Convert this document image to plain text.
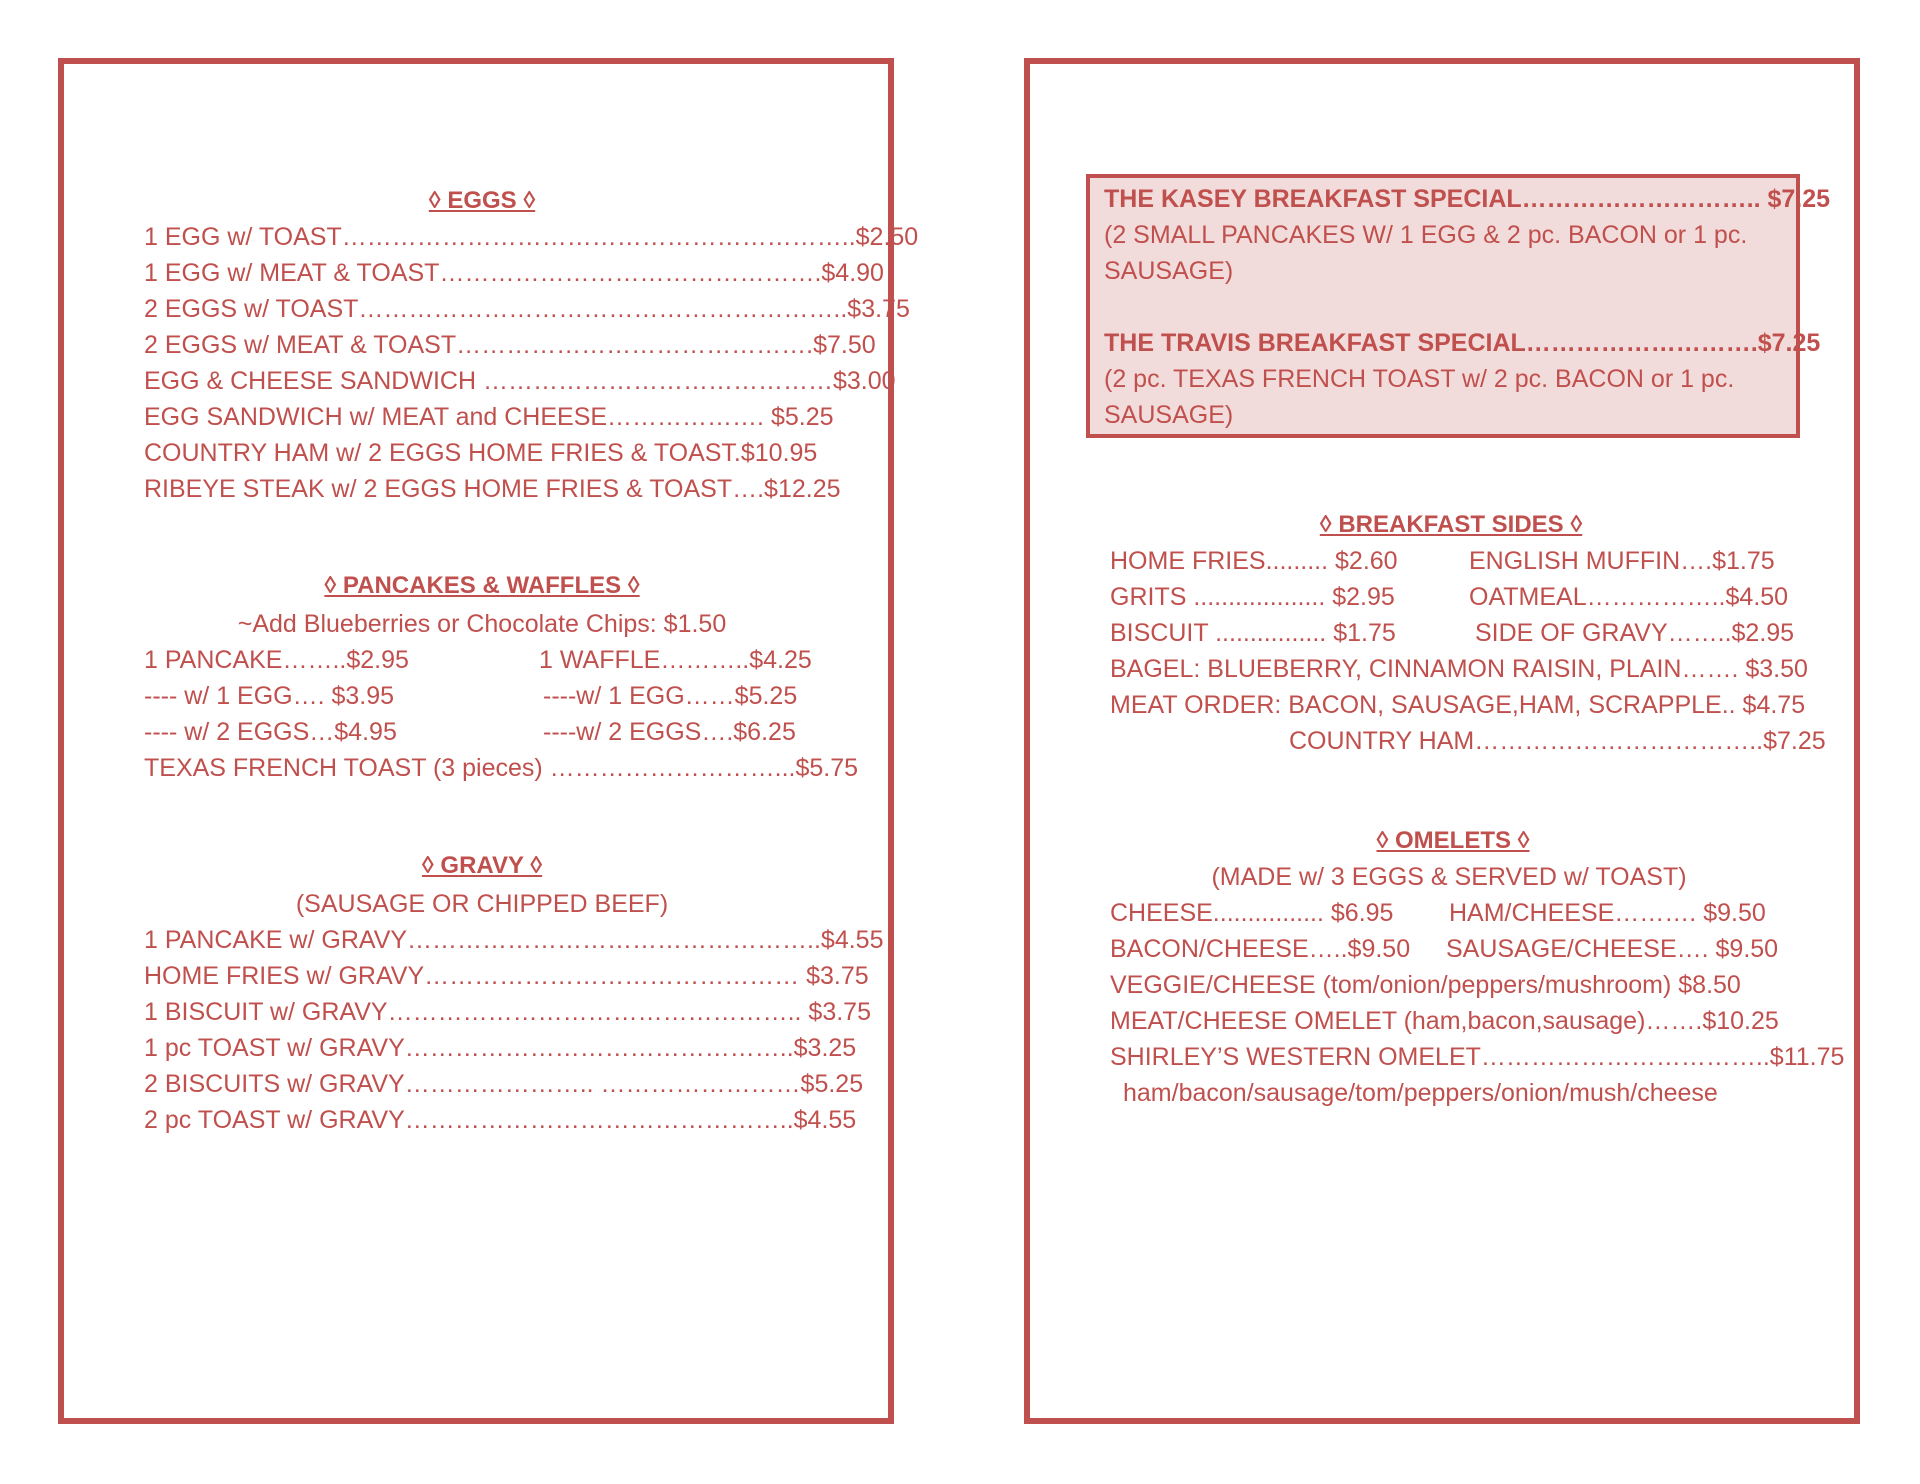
1 EGG w/ TOAST……………………………………………………..$2.50
1 EGG w/ MEAT & TOAST……………………………………….$4.90
2 EGGS w/ TOAST…………………………………………………..$3.75
2 EGGS w/ MEAT & TOAST…………………………………….$7.50
EGG & CHEESE SANDWICH ……………………………………$3.00
EGG SANDWICH w/ MEAT and CHEESE………………. $5.25
COUNTRY HAM w/ 2 EGGS HOME FRIES & TOAST.$10.95
RIBEYE STEAK w/ 2 EGGS HOME FRIES & TOAST….$12.25
1 PANCAKE……..$2.95	1 WAFFLE………..$4.25
---- w/ 1 EGG…. $3.95	----w/ 1 EGG……$5.25
---- w/ 2 EGGS…$4.95	----w/ 2 EGGS….$6.25
TEXAS FRENCH TOAST (3 pieces) ………………………...$5.75
1 PANCAKE w/ GRAVY…………………………………………..$4.55
HOME FRIES w/ GRAVY……………………………………… $3.75
1 BISCUIT w/ GRAVY………………………………………….. $3.75
1 pc TOAST w/ GRAVY………………………………………..$3.25
2 BISCUITS w/ GRAVY………………….. ……………………$5.25
2 pc TOAST w/ GRAVY………………………………………..$4.55
THE KASEY BREAKFAST SPECIAL……………………….. $7.25
(2 SMALL PANCAKES W/ 1 EGG & 2 pc. BACON or 1 pc.
SAUSAGE)
THE TRAVIS BREAKFAST SPECIAL……………………….$7.25
(2 pc. TEXAS FRENCH TOAST w/ 2 pc. BACON or 1 pc.
SAUSAGE)
HOME FRIES......... $2.60	ENGLISH MUFFIN….$1.75
GRITS ................... $2.95	OATMEAL……………..$4.50
BISCUIT ................ $1.75	SIDE OF GRAVY……..$2.95
BAGEL: BLUEBERRY, CINNAMON RAISIN, PLAIN……. $3.50
MEAT ORDER: BACON, SAUSAGE,HAM, SCRAPPLE.. $4.75
COUNTRY HAM……………………………..$7.25
CHEESE................ $6.95 HAM/CHEESE………. $9.50
BACON/CHEESE…..$9.50 SAUSAGE/CHEESE…. $9.50
VEGGIE/CHEESE (tom/onion/peppers/mushroom) $8.50
MEAT/CHEESE OMELET (ham,bacon,sausage)…….$10.25
SHIRLEY’S WESTERN OMELET……………………………..$11.75
ham/bacon/sausage/tom/peppers/onion/mush/cheese
